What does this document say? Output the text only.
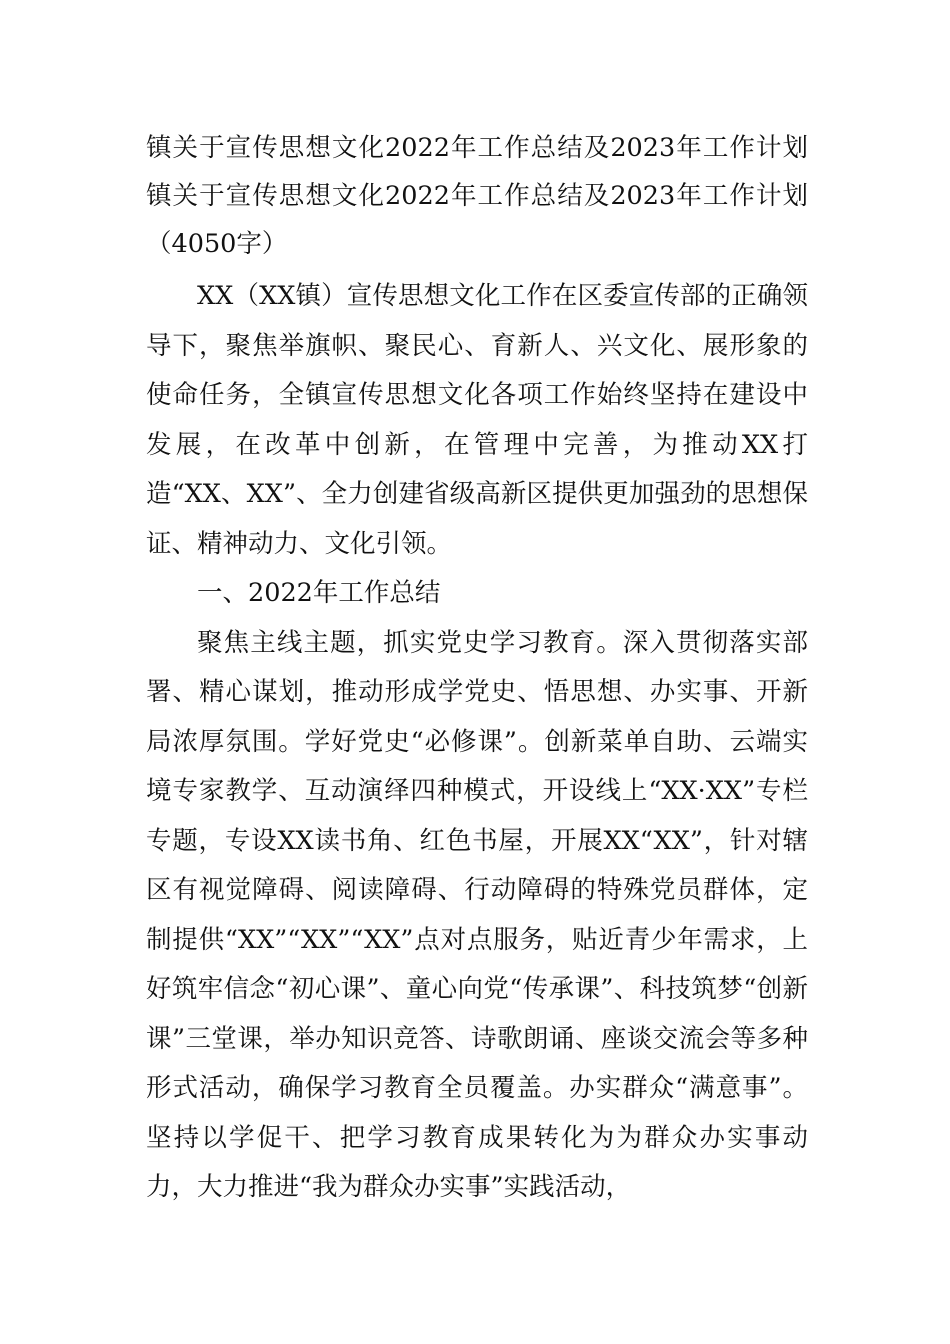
镇关于宣传思想文化2022年工作总结及2023年工作计划
镇关于宣传思想文化2022年工作总结及2023年工作计划
（4050字）

XX（XX镇）宣传思想文化工作在区委宣传部的正确领导下，聚焦举旗帜、聚民心、育新人、兴文化、展形象的使命任务，全镇宣传思想文化各项工作始终坚持在建设中发展，在改革中创新，在管理中完善，为推动XX打造“XX、XX”、全力创建省级高新区提供更加强劲的思想保证、精神动力、文化引领。

一、2022年工作总结

聚焦主线主题，抓实党史学习教育。深入贯彻落实部署、精心谋划，推动形成学党史、悟思想、办实事、开新局浓厚氛围。学好党史“必修课”。创新菜单自助、云端实境专家教学、互动演绎四种模式，开设线上“XX·XX”专栏专题，专设XX读书角、红色书屋，开展XX“XX”，针对辖区有视觉障碍、阅读障碍、行动障碍的特殊党员群体，定制提供“XX”“XX”“XX”点对点服务，贴近青少年需求，上好筑牢信念“初心课”、童心向党“传承课”、科技筑梦“创新课”三堂课，举办知识竞答、诗歌朗诵、座谈交流会等多种形式活动，确保学习教育全员覆盖。办实群众“满意事”。坚持以学促干、把学习教育成果转化为为群众办实事动力，大力推进“我为群众办实事”实践活动，
